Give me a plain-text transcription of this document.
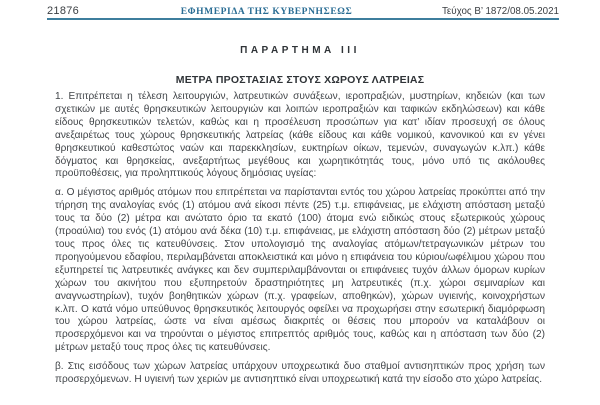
21876	ΕΦΗΜΕΡΙΔΑ ΤΗΣ ΚΥΒΕΡΝΗΣΕΩΣ	Τεύχος Β’ 1872/08.05.2021
ΠΑΡΑΡΤΗΜΑ III
ΜΕΤΡΑ ΠΡΟΣΤΑΣΙΑΣ ΣΤΟΥΣ ΧΩΡΟΥΣ ΛΑΤΡΕΙΑΣ

1. Επιτρέπεται η τέλεση λειτουργιών, λατρευτικών συνάξεων, ιεροπραξιών, μυστηρίων, κηδειών (και των σχετικών με αυτές θρησκευτικών λειτουργιών και λοιπών ιεροπραξιών και ταφικών εκδηλώσεων) και κάθε είδους θρησκευτικών τελετών, καθώς και η προσέλευση προσώπων για κατ’ ιδίαν προσευχή σε όλους ανεξαιρέτως τους χώρους θρησκευτικής λατρείας (κάθε είδους και κάθε νομικού, κανονικού και εν γένει θρησκευτικού καθεστώτος ναών και παρεκκλησίων, ευκτηρίων οίκων, τεμενών, συναγωγών κ.λπ.) κάθε δόγματος και θρησκείας, ανεξαρτήτως μεγέθους και χωρητικότητάς τους, μόνο υπό τις ακόλουθες προϋποθέσεις, για προληπτικούς λόγους δημόσιας υγείας:

α. Ο μέγιστος αριθμός ατόμων που επιτρέπεται να παρίστανται εντός του χώρου λατρείας προκύπτει από την τήρηση της αναλογίας ενός (1) ατόμου ανά είκοσι πέντε (25) τ.μ. επιφάνειας, με ελάχιστη απόσταση μεταξύ τους τα δύο (2) μέτρα και ανώτατο όριο τα εκατό (100) άτομα ενώ ειδικώς στους εξωτερικούς χώρους (προαύλια) του ενός (1) ατόμου ανά δέκα (10) τ.μ. επιφάνειας, με ελάχιστη απόσταση δύο (2) μέτρων μεταξύ τους προς όλες τις κατευθύνσεις. Στον υπολογισμό της αναλογίας ατόμων/τετραγωνικών μέτρων του προηγούμενου εδαφίου, περιλαμβάνεται αποκλειστικά και μόνο η επιφάνεια του κύριου/ωφέλιμου χώρου που εξυπηρετεί τις λατρευτικές ανάγκες και δεν συμπεριλαμβάνονται οι επιφάνειες τυχόν άλλων όμορων κυρίων χώρων του ακινήτου που εξυπηρετούν δραστηριότητες μη λατρευτικές (π.χ. χώροι σεμιναρίων και αναγνωστηρίων), τυχόν βοηθητικών χώρων (π.χ. γραφείων, αποθηκών), χώρων υγιεινής, κοινοχρήστων κ.λπ. Ο κατά νόμο υπεύθυνος θρησκευτικός λειτουργός οφείλει να προχωρήσει στην εσωτερική διαμόρφωση του χώρου λατρείας, ώστε να είναι αμέσως διακριτές οι θέσεις που μπορούν να καταλάβουν οι προσερχόμενοι και να τηρούνται ο μέγιστος επιτρεπτός αριθμός τους, καθώς και η απόσταση των δύο (2) μέτρων μεταξύ τους προς όλες τις κατευθύνσεις.

β. Στις εισόδους των χώρων λατρείας υπάρχουν υποχρεωτικά δυο σταθμοί αντισηπτικών προς χρήση των προσερχόμενων. Η υγιεινή των χεριών με αντισηπτικό είναι υποχρεωτική κατά την είσοδο στο χώρο λατρείας.
